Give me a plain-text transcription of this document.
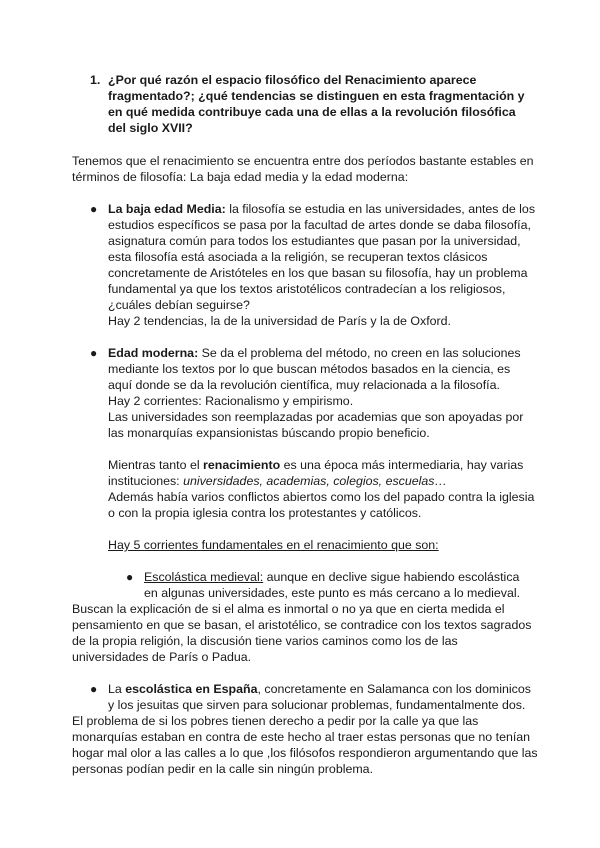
1. ¿Por qué razón el espacio filosófico del Renacimiento aparece
fragmentado?; ¿qué tendencias se distinguen en esta fragmentación y
en qué medida contribuye cada una de ellas a la revolución filosófica
del siglo XVII?
Tenemos que el renacimiento se encuentra entre dos períodos bastante estables en
términos de filosofía: La baja edad media y la edad moderna:
● La baja edad Media: la filosofía se estudia en las universidades, antes de los
estudios específicos se pasa por la facultad de artes donde se daba filosofía,
asignatura común para todos los estudiantes que pasan por la universidad,
esta filosofía está asociada a la religión, se recuperan textos clásicos
concretamente de Aristóteles en los que basan su filosofía, hay un problema
fundamental ya que los textos aristotélicos contradecían a los religiosos,
¿cuáles debían seguirse?
Hay 2 tendencias, la de la universidad de París y la de Oxford.
● Edad moderna: Se da el problema del método, no creen en las soluciones
mediante los textos por lo que buscan métodos basados en la ciencia, es
aquí donde se da la revolución científica, muy relacionada a la filosofía.
Hay 2 corrientes: Racionalismo y empirismo.
Las universidades son reemplazadas por academias que son apoyadas por
las monarquías expansionistas búscando propio beneficio.
Mientras tanto el renacimiento es una época más intermediaria, hay varias
instituciones: universidades, academias, colegios, escuelas…
Además había varios conflictos abiertos como los del papado contra la iglesia
o con la propia iglesia contra los protestantes y católicos.
Hay 5 corrientes fundamentales en el renacimiento que son:
● Escolástica medieval: aunque en declive sigue habiendo escolástica
en algunas universidades, este punto es más cercano a lo medieval.
Buscan la explicación de si el alma es inmortal o no ya que en cierta medida el
pensamiento en que se basan, el aristotélico, se contradice con los textos sagrados
de la propia religión, la discusión tiene varios caminos como los de las
universidades de París o Padua.
● La escolástica en España, concretamente en Salamanca con los dominicos
y los jesuitas que sirven para solucionar problemas, fundamentalmente dos.
El problema de si los pobres tienen derecho a pedir por la calle ya que las
monarquías estaban en contra de este hecho al traer estas personas que no tenían
hogar mal olor a las calles a lo que ,los filósofos respondieron argumentando que las
personas podían pedir en la calle sin ningún problema.
